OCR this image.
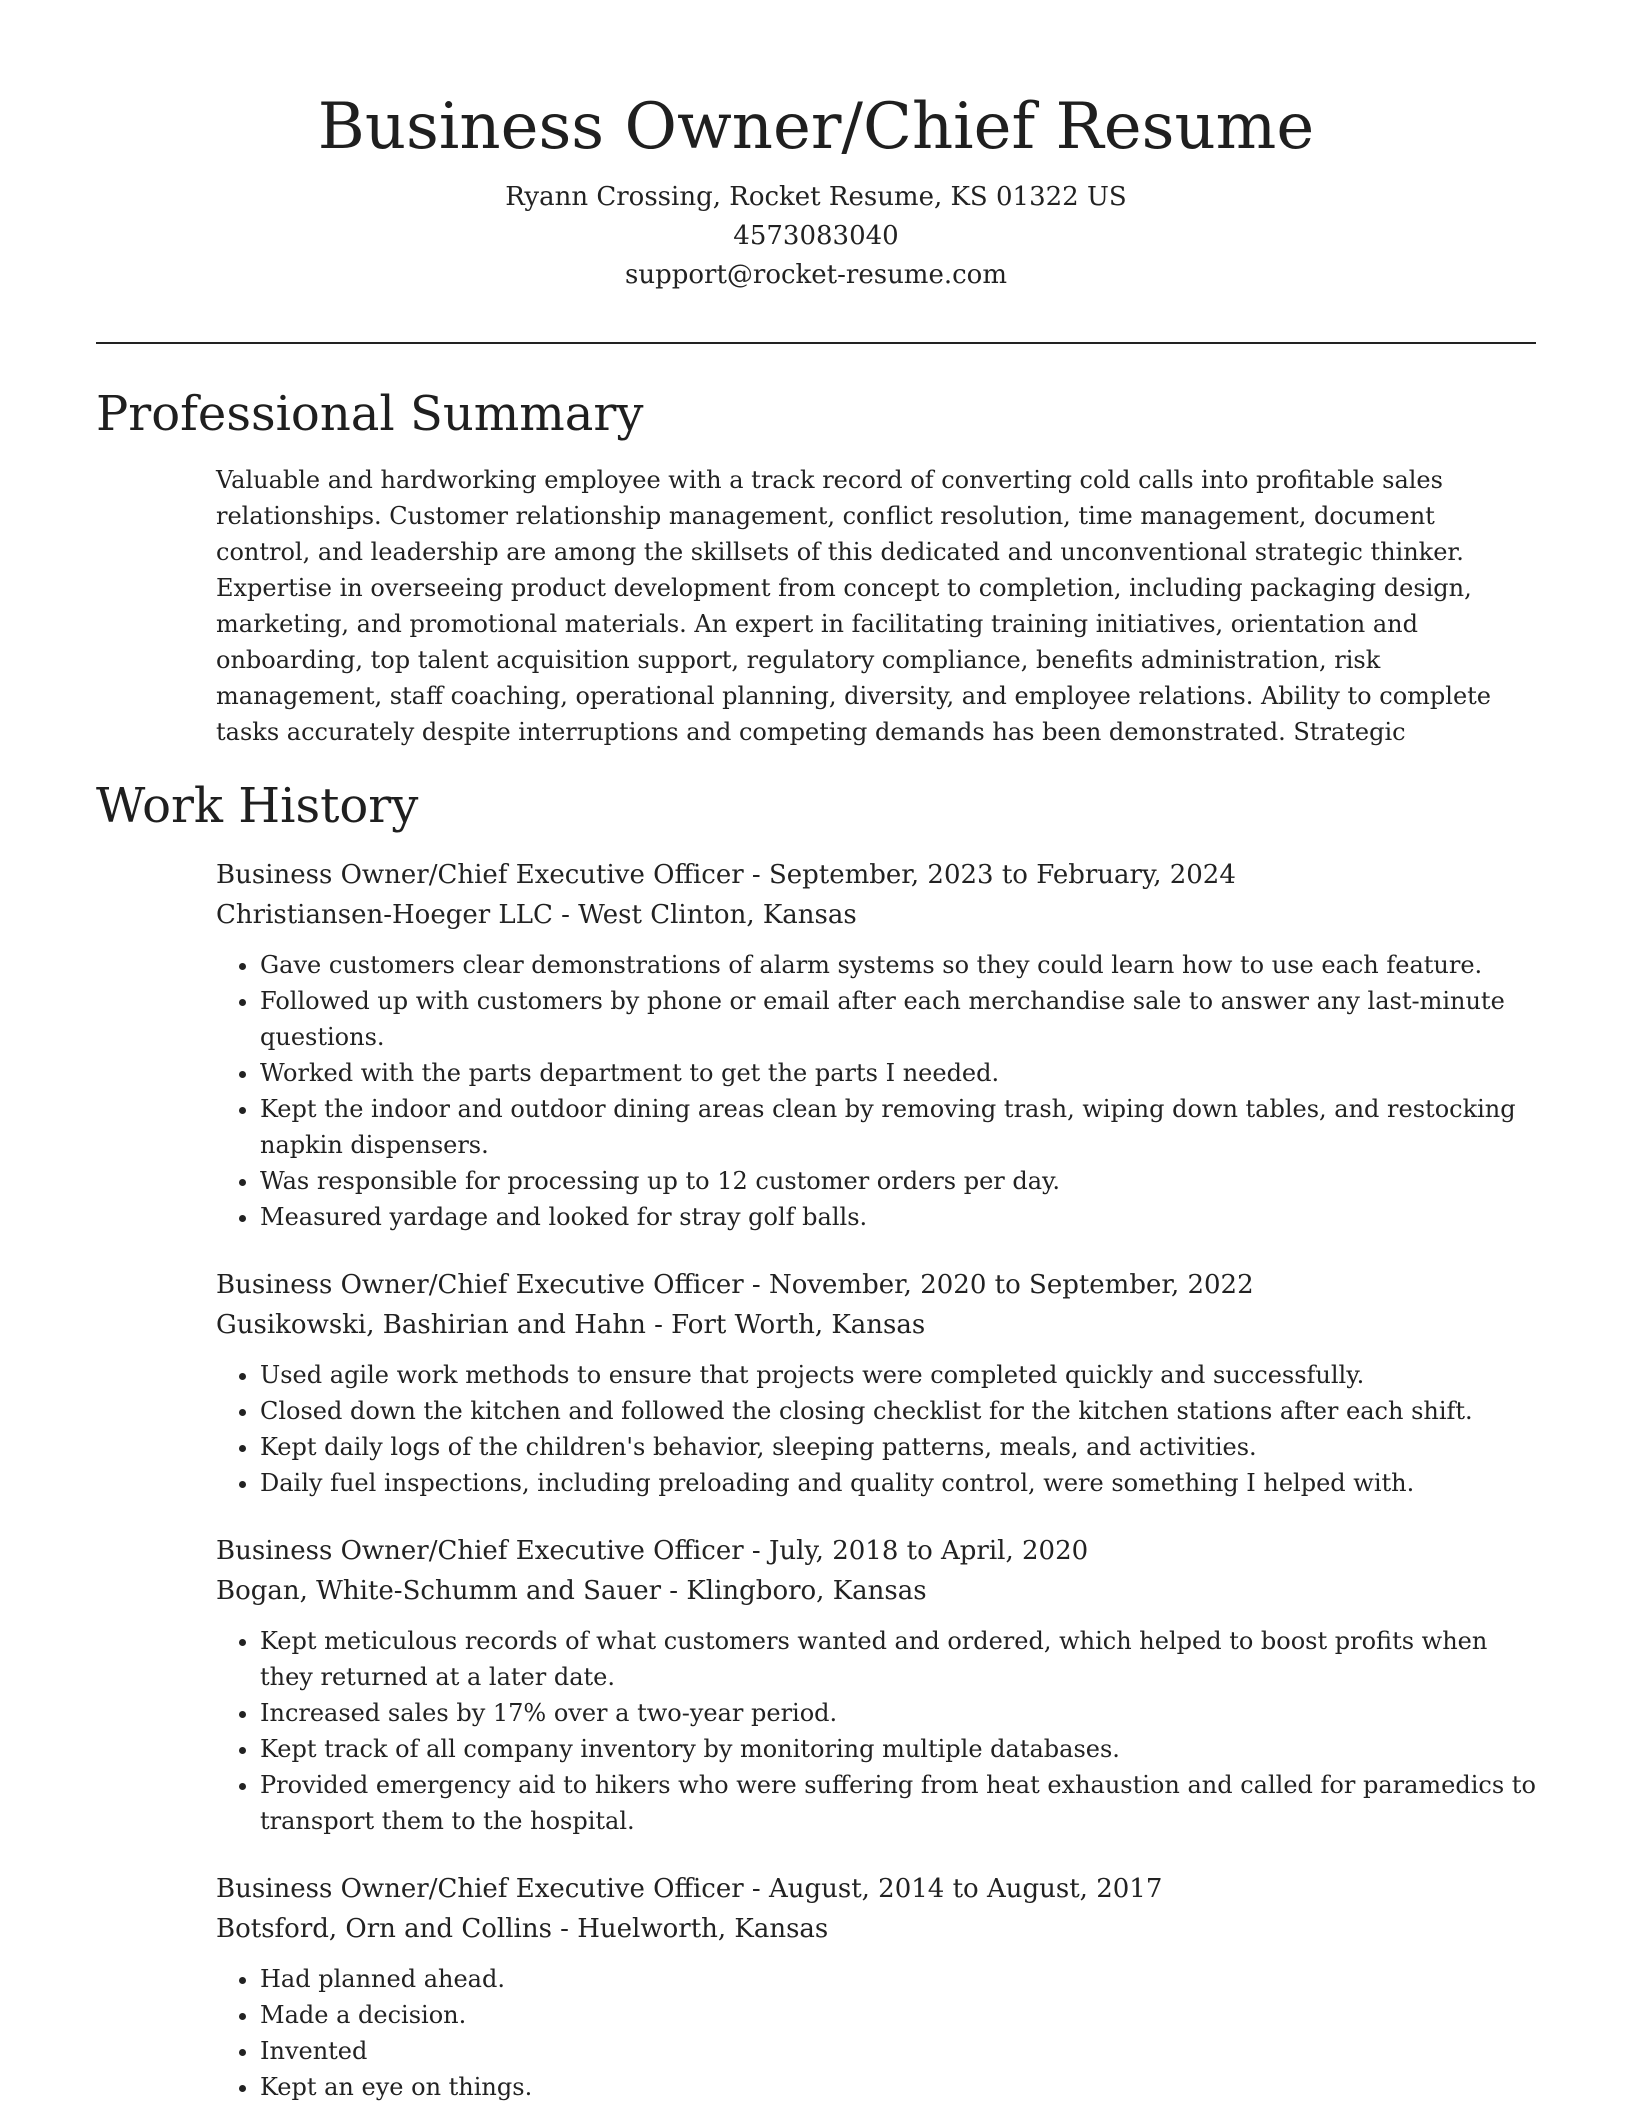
Business Owner/Chief Resume
Ryann Crossing, Rocket Resume, KS 01322 US
4573083040
support@rocket-resume.com
Professional Summary
Valuable and hardworking employee with a track record of converting cold calls into profitable sales relationships. Customer relationship management, conflict resolution, time management, document control, and leadership are among the skillsets of this dedicated and unconventional strategic thinker. Expertise in overseeing product development from concept to completion, including packaging design, marketing, and promotional materials. An expert in facilitating training initiatives, orientation and onboarding, top talent acquisition support, regulatory compliance, benefits administration, risk management, staff coaching, operational planning, diversity, and employee relations. Ability to complete tasks accurately despite interruptions and competing demands has been demonstrated. Strategic
Work History
Business Owner/Chief Executive Officer - September, 2023 to February, 2024
Christiansen-Hoeger LLC - West Clinton, Kansas
• Gave customers clear demonstrations of alarm systems so they could learn how to use each feature.
• Followed up with customers by phone or email after each merchandise sale to answer any last-minute questions.
• Worked with the parts department to get the parts I needed.
• Kept the indoor and outdoor dining areas clean by removing trash, wiping down tables, and restocking napkin dispensers.
• Was responsible for processing up to 12 customer orders per day.
• Measured yardage and looked for stray golf balls.
Business Owner/Chief Executive Officer - November, 2020 to September, 2022
Gusikowski, Bashirian and Hahn - Fort Worth, Kansas
• Used agile work methods to ensure that projects were completed quickly and successfully.
• Closed down the kitchen and followed the closing checklist for the kitchen stations after each shift.
• Kept daily logs of the children's behavior, sleeping patterns, meals, and activities.
• Daily fuel inspections, including preloading and quality control, were something I helped with.
Business Owner/Chief Executive Officer - July, 2018 to April, 2020
Bogan, White-Schumm and Sauer - Klingboro, Kansas
• Kept meticulous records of what customers wanted and ordered, which helped to boost profits when they returned at a later date.
• Increased sales by 17% over a two-year period.
• Kept track of all company inventory by monitoring multiple databases.
• Provided emergency aid to hikers who were suffering from heat exhaustion and called for paramedics to transport them to the hospital.
Business Owner/Chief Executive Officer - August, 2014 to August, 2017
Botsford, Orn and Collins - Huelworth, Kansas
• Had planned ahead.
• Made a decision.
• Invented
• Kept an eye on things.
